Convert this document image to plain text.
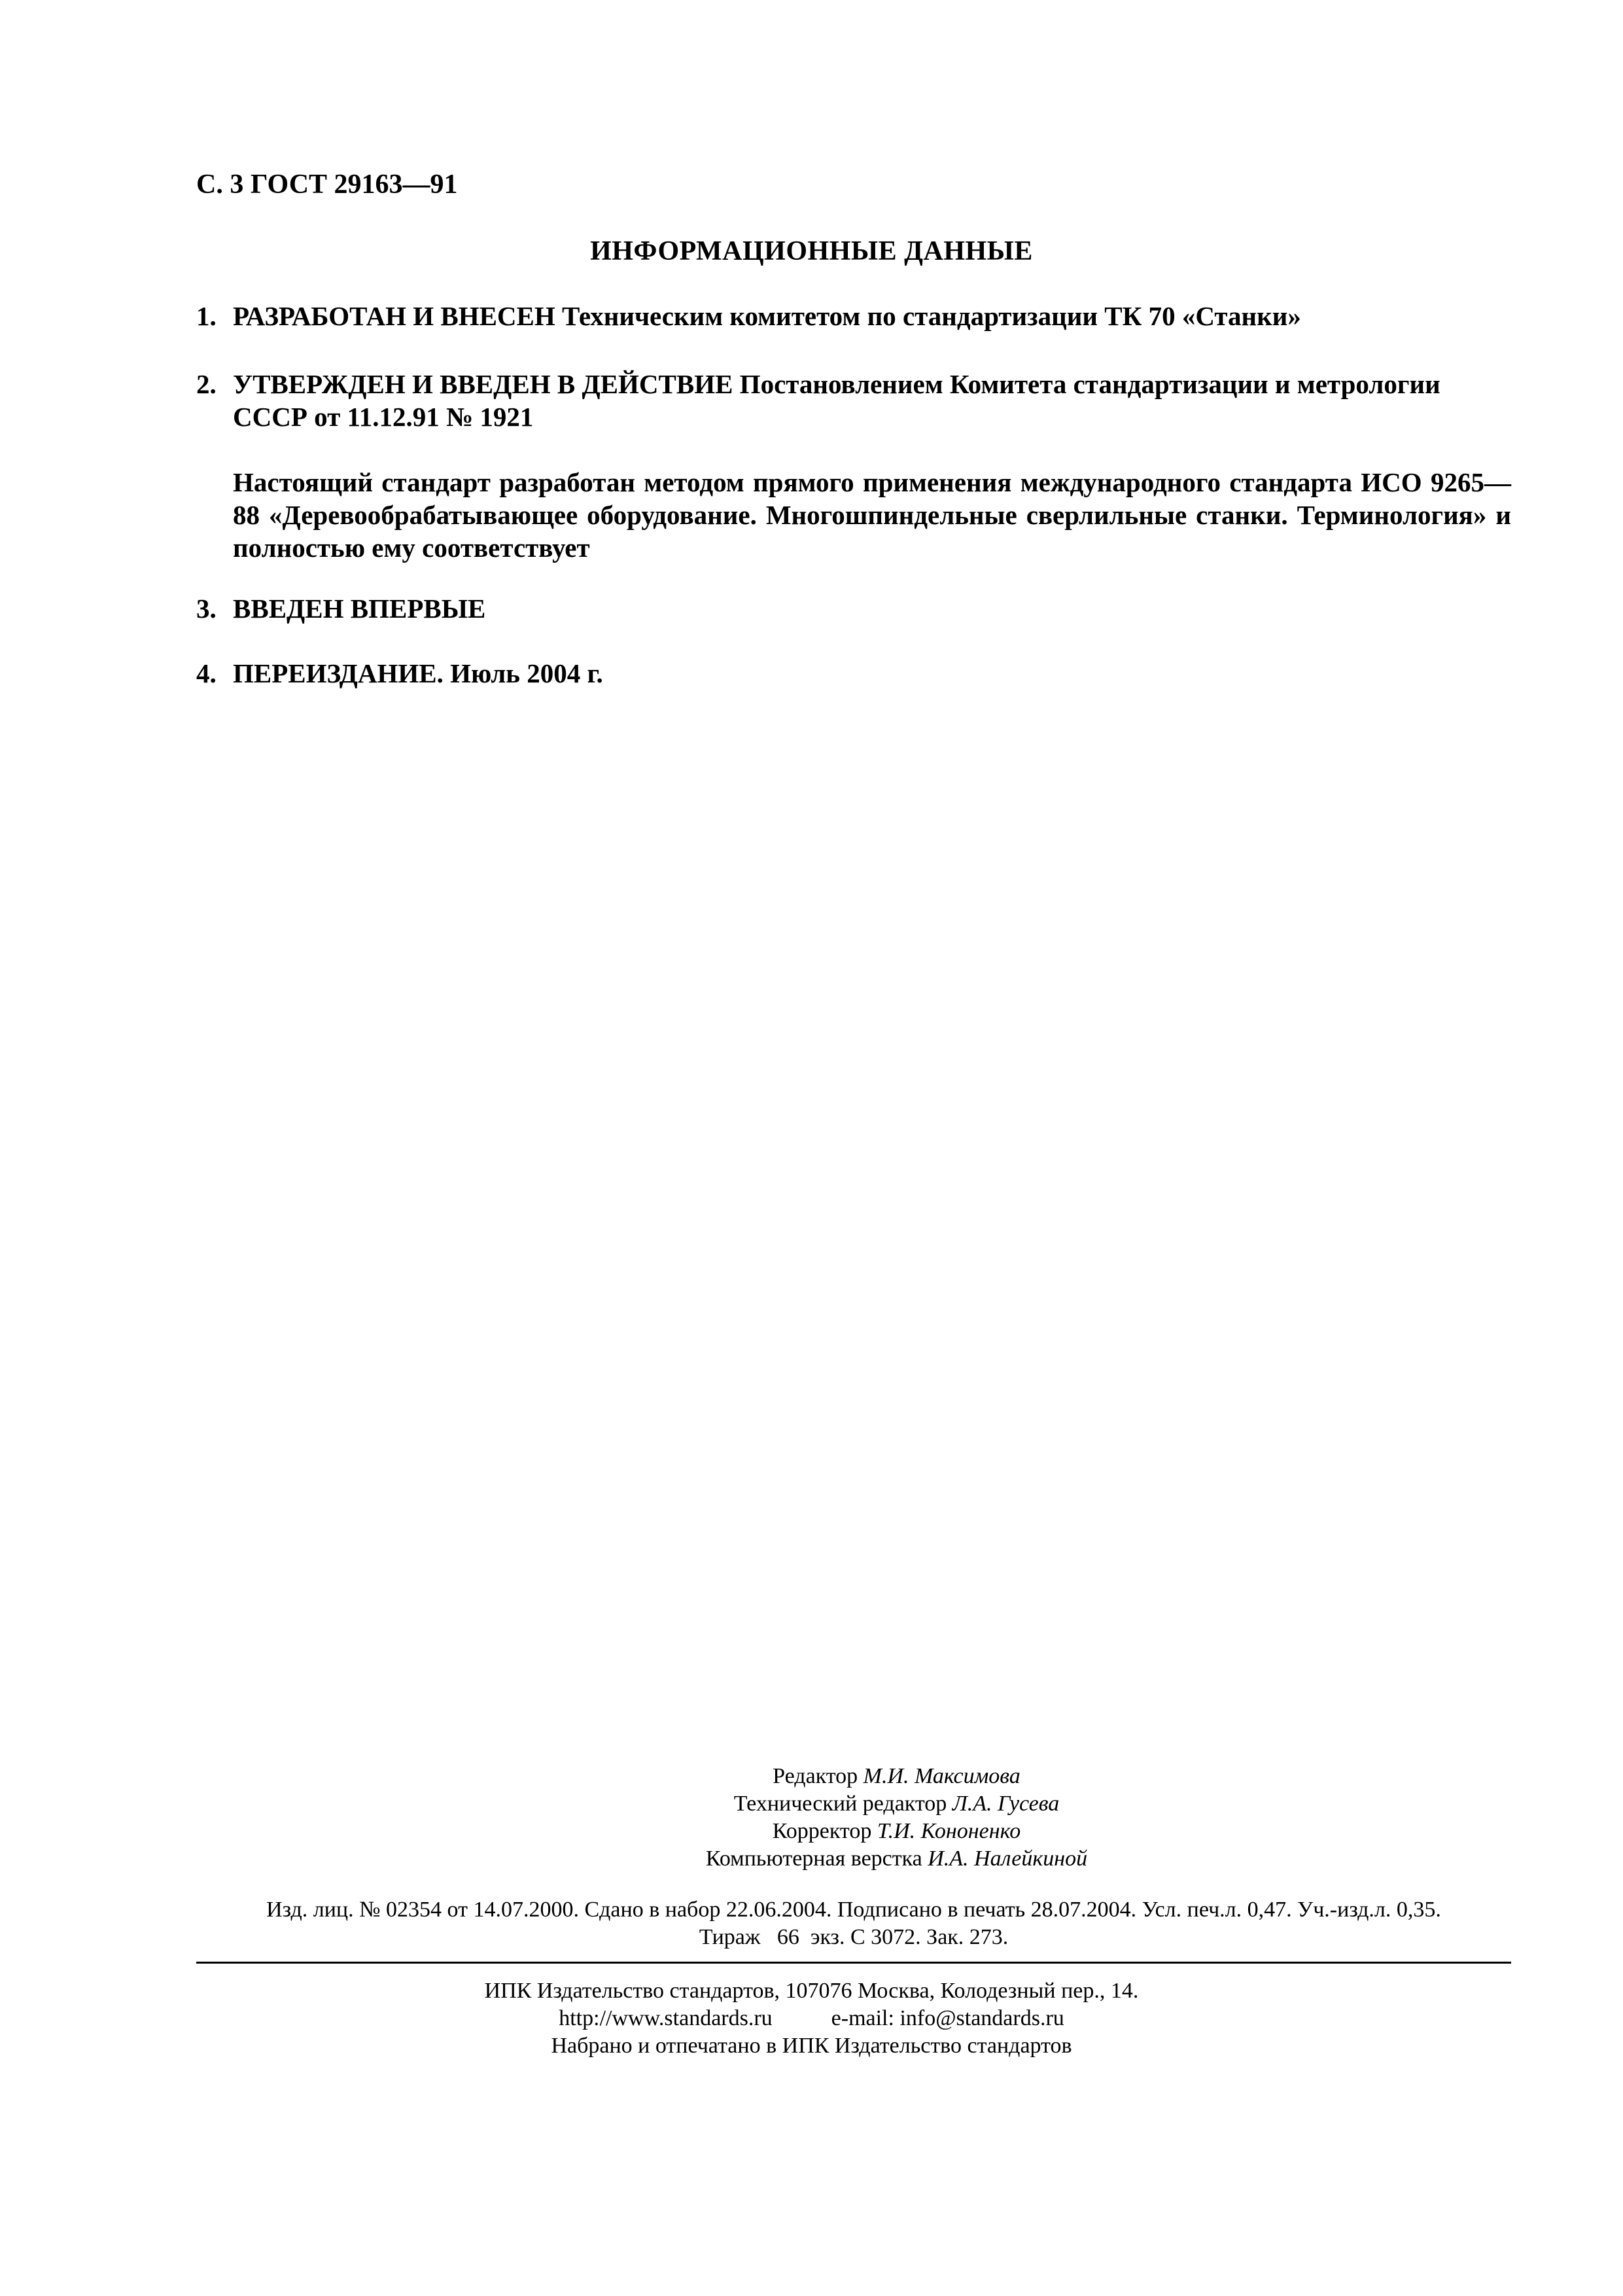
С. 3 ГОСТ 29163—91
ИНФОРМАЦИОННЫЕ ДАННЫЕ
1. РАЗРАБОТАН И ВНЕСЕН Техническим комитетом по стандартизации ТК 70 «Станки»
2. УТВЕРЖДЕН И ВВЕДЕН В ДЕЙСТВИЕ Постановлением Комитета стандартизации и метрологии СССР от 11.12.91 № 1921
Настоящий стандарт разработан методом прямого применения международного стандарта ИСО 9265—88 «Деревообрабатывающее оборудование. Многошпиндельные сверлильные станки. Терминология» и полностью ему соответствует
3. ВВЕДЕН ВПЕРВЫЕ
4. ПЕРЕИЗДАНИЕ. Июль 2004 г.
Редактор М.И. Максимова
Технический редактор Л.А. Гусева
Корректор Т.И. Кононенко
Компьютерная верстка И.А. Налейкиной
Изд. лиц. № 02354 от 14.07.2000. Сдано в набор 22.06.2004. Подписано в печать 28.07.2004. Усл. печ.л. 0,47. Уч.-изд.л. 0,35.
Тираж   66  экз. С 3072. Зак. 273.
ИПК Издательство стандартов, 107076 Москва, Колодезный пер., 14.
http://www.standards.ru	e-mail: info@standards.ru
Набрано и отпечатано в ИПК Издательство стандартов
